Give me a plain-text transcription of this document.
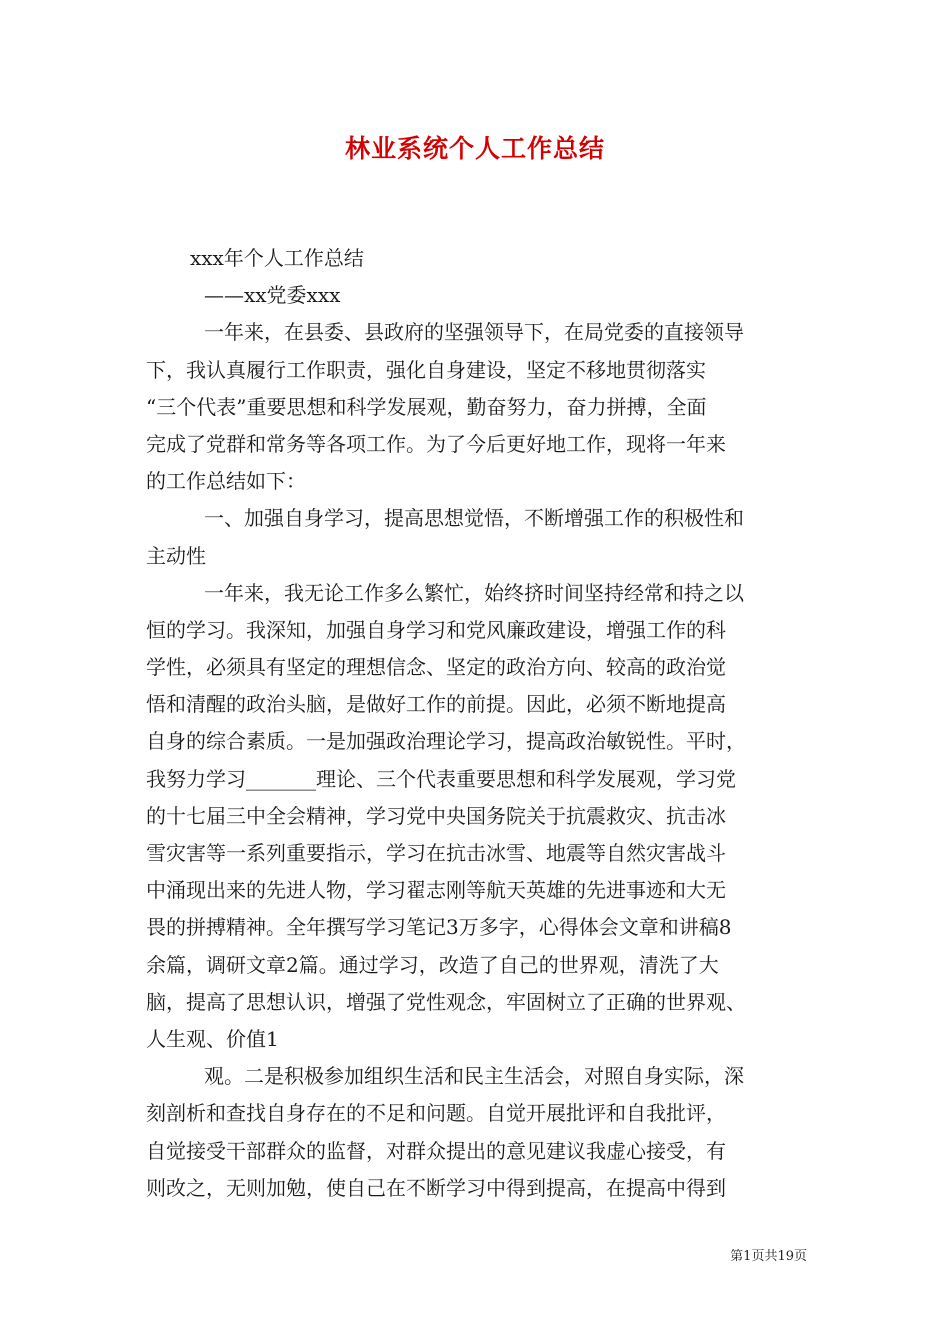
林业系统个人工作总结
xxx年个人工作总结
——xx党委xxx
一年来，在县委、县政府的坚强领导下，在局党委的直接领导
下，我认真履行工作职责，强化自身建设，坚定不移地贯彻落实
“三个代表”重要思想和科学发展观，勤奋努力，奋力拼搏，全面
完成了党群和常务等各项工作。为了今后更好地工作，现将一年来
的工作总结如下：
一、加强自身学习，提高思想觉悟，不断增强工作的积极性和
主动性
一年来，我无论工作多么繁忙，始终挤时间坚持经常和持之以
恒的学习。我深知，加强自身学习和党风廉政建设，增强工作的科
学性，必须具有坚定的理想信念、坚定的政治方向、较高的政治觉
悟和清醒的政治头脑，是做好工作的前提。因此，必须不断地提高
自身的综合素质。一是加强政治理论学习，提高政治敏锐性。平时，
我努力学习_______理论、三个代表重要思想和科学发展观，学习党
的十七届三中全会精神，学习党中央国务院关于抗震救灾、抗击冰
雪灾害等一系列重要指示，学习在抗击冰雪、地震等自然灾害战斗
中涌现出来的先进人物，学习翟志刚等航天英雄的先进事迹和大无
畏的拼搏精神。全年撰写学习笔记3万多字，心得体会文章和讲稿8
余篇，调研文章2篇。通过学习，改造了自己的世界观，清洗了大
脑，提高了思想认识，增强了党性观念，牢固树立了正确的世界观、
人生观、价值1
观。二是积极参加组织生活和民主生活会，对照自身实际，深
刻剖析和查找自身存在的不足和问题。自觉开展批评和自我批评，
自觉接受干部群众的监督，对群众提出的意见建议我虚心接受，有
则改之，无则加勉，使自己在不断学习中得到提高，在提高中得到
第1页共19页
